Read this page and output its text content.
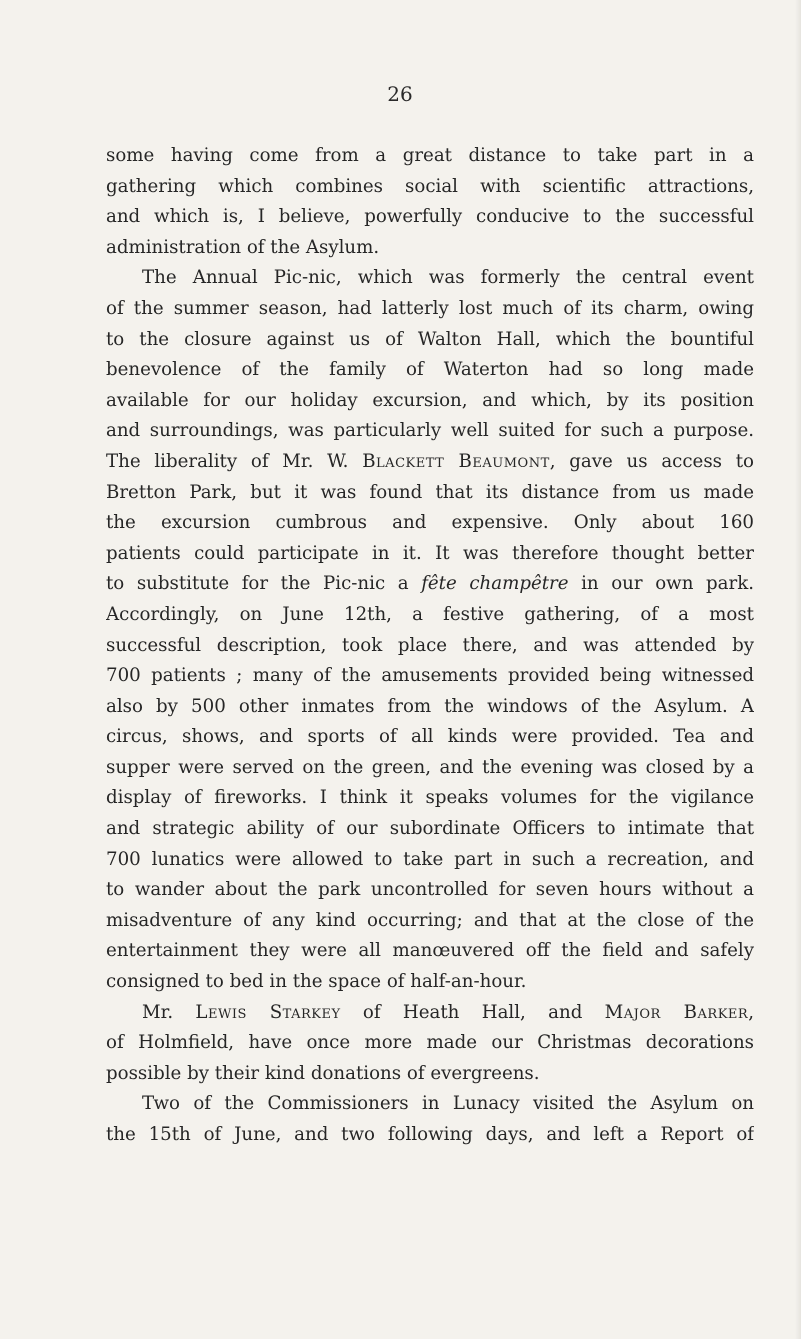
26
some having come from a great distance to take part in a
gathering which combines social with scientific attractions,
and which is, I believe, powerfully conducive to the successful
administration of the Asylum.
The Annual Pic-nic, which was formerly the central event
of the summer season, had latterly lost much of its charm, owing
to the closure against us of Walton Hall, which the bountiful
benevolence of the family of Waterton had so long made
available for our holiday excursion, and which, by its position
and surroundings, was particularly well suited for such a purpose.
The liberality of Mr. W. Blackett Beaumont, gave us access to
Bretton Park, but it was found that its distance from us made
the excursion cumbrous and expensive. Only about 160
patients could participate in it. It was therefore thought better
to substitute for the Pic-nic a fête champêtre in our own park.
Accordingly, on June 12th, a festive gathering, of a most
successful description, took place there, and was attended by
700 patients ; many of the amusements provided being witnessed
also by 500 other inmates from the windows of the Asylum. A
circus, shows, and sports of all kinds were provided. Tea and
supper were served on the green, and the evening was closed by a
display of fireworks. I think it speaks volumes for the vigilance
and strategic ability of our subordinate Officers to intimate that
700 lunatics were allowed to take part in such a recreation, and
to wander about the park uncontrolled for seven hours without a
misadventure of any kind occurring; and that at the close of the
entertainment they were all manœuvered off the field and safely
consigned to bed in the space of half-an-hour.
Mr. Lewis Starkey of Heath Hall, and Major Barker,
of Holmfield, have once more made our Christmas decorations
possible by their kind donations of evergreens.
Two of the Commissioners in Lunacy visited the Asylum on
the 15th of June, and two following days, and left a Report of
